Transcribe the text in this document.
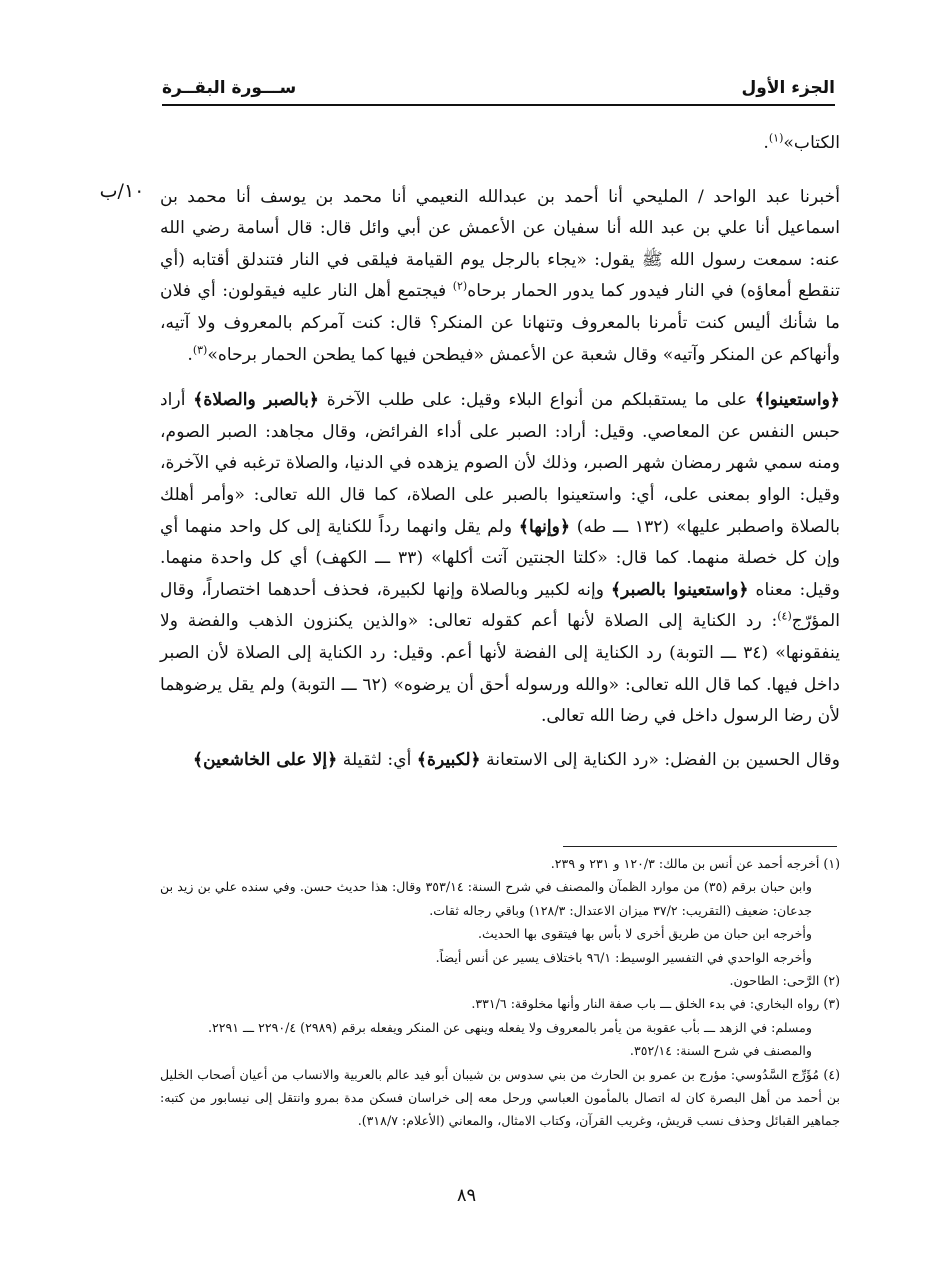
الجزء الأول
ســـورة البقــرة
١٠/ب

الكتاب»$^{(١)}$.

أخبرنا عبد الواحد / المليحي أنا أحمد بن عبدالله النعيمي أنا محمد بن يوسف أنا محمد بن اسماعيل أنا علي بن عبد الله أنا سفيان عن الأعمش عن أبي وائل قال: قال أسامة رضي الله عنه: سمعت رسول الله ﷺ يقول: «يجاء بالرجل يوم القيامة فيلقى في النار فتندلق أقتابه (أي تنقطع أمعاؤه) في النار فيدور كما يدور الحمار برحاه$^{(٢)}$ فيجتمع أهل النار عليه فيقولون: أي فلان ما شأنك أليس كنت تأمرنا بالمعروف وتنهانا عن المنكر؟ قال: كنت آمركم بالمعروف ولا آتيه، وأنهاكم عن المنكر وآتيه» وقال شعبة عن الأعمش «فيطحن فيها كما يطحن الحمار برحاه»$^{(٣)}$.

﴿واستعينوا﴾ على ما يستقبلكم من أنواع البلاء وقيل: على طلب الآخرة ﴿بالصبر والصلاة﴾ أراد حبس النفس عن المعاصي. وقيل: أراد: الصبر على أداء الفرائض، وقال مجاهد: الصبر الصوم، ومنه سمي شهر رمضان شهر الصبر، وذلك لأن الصوم يزهده في الدنيا، والصلاة ترغبه في الآخرة، وقيل: الواو بمعنى على، أي: واستعينوا بالصبر على الصلاة، كما قال الله تعالى: «وأمر أهلك بالصلاة واصطبر عليها» (١٣٢ ـــ طه) ﴿وإنها﴾ ولم يقل وانهما رداً للكناية إلى كل واحد منهما أي وإن كل خصلة منهما. كما قال: «كلتا الجنتين آتت أكلها» (٣٣ ـــ الكهف) أي كل واحدة منهما. وقيل: معناه ﴿واستعينوا بالصبر﴾ وإنه لكبير وبالصلاة وإنها لكبيرة، فحذف أحدهما اختصاراً، وقال المؤرّج$^{(٤)}$: رد الكناية إلى الصلاة لأنها أعم كقوله تعالى: «والذين يكنزون الذهب والفضة ولا ينفقونها» (٣٤ ـــ التوبة) رد الكناية إلى الفضة لأنها أعم. وقيل: رد الكناية إلى الصلاة لأن الصبر داخل فيها. كما قال الله تعالى: «والله ورسوله أحق أن يرضوه» (٦٢ ـــ التوبة) ولم يقل يرضوهما لأن رضا الرسول داخل في رضا الله تعالى.

وقال الحسين بن الفضل: «رد الكناية إلى الاستعانة ﴿لكبيرة﴾ أي: لثقيلة ﴿إلا على الخاشعين﴾

(١) أخرجه أحمد عن أنس بن مالك: ١٢٠/٣ و ٢٣١ و ٢٣٩.

وابن حبان برقم (٣٥) من موارد الظمآن والمصنف في شرح السنة: ٣٥٣/١٤ وقال: هذا حديث حسن. وفي سنده علي بن زيد بن جدعان: ضعيف (التقريب: ٣٧/٢ ميزان الاعتدال: ١٢٨/٣) وباقي رجاله ثقات.

وأخرجه ابن حبان من طريق أخرى لا بأس بها فيتقوى بها الحديث.

وأخرجه الواحدي في التفسير الوسيط: ٩٦/١ باختلاف يسير عن أنس أيضاً.

(٢) الرَّحى: الطاحون.

(٣) رواه البخاري: في بدء الخلق ـــ باب صفة النار وأنها مخلوقة: ٣٣١/٦.

ومسلم: في الزهد ـــ بأب عقوبة من يأمر بالمعروف ولا يفعله وينهى عن المنكر ويفعله برقم (٢٩٨٩) ٢٢٩٠/٤ ـــ ٢٢٩١.

والمصنف في شرح السنة: ٣٥٢/١٤.

(٤) مُؤَرِّج السَّدُوسي: مؤرج بن عمرو بن الحارث من بني سدوس بن شيبان أبو فيد عالم بالعربية والانساب من أعيان أصحاب الخليل بن أحمد من أهل البصرة كان له اتصال بالمأمون العباسي ورحل معه إلى خراسان فسكن مدة بمرو وانتقل إلى نيسابور من كتبه: جماهير القبائل وحذف نسب قريش، وغريب القرآن، وكتاب الامثال، والمعاني (الأعلام: ٣١٨/٧).

٨٩
